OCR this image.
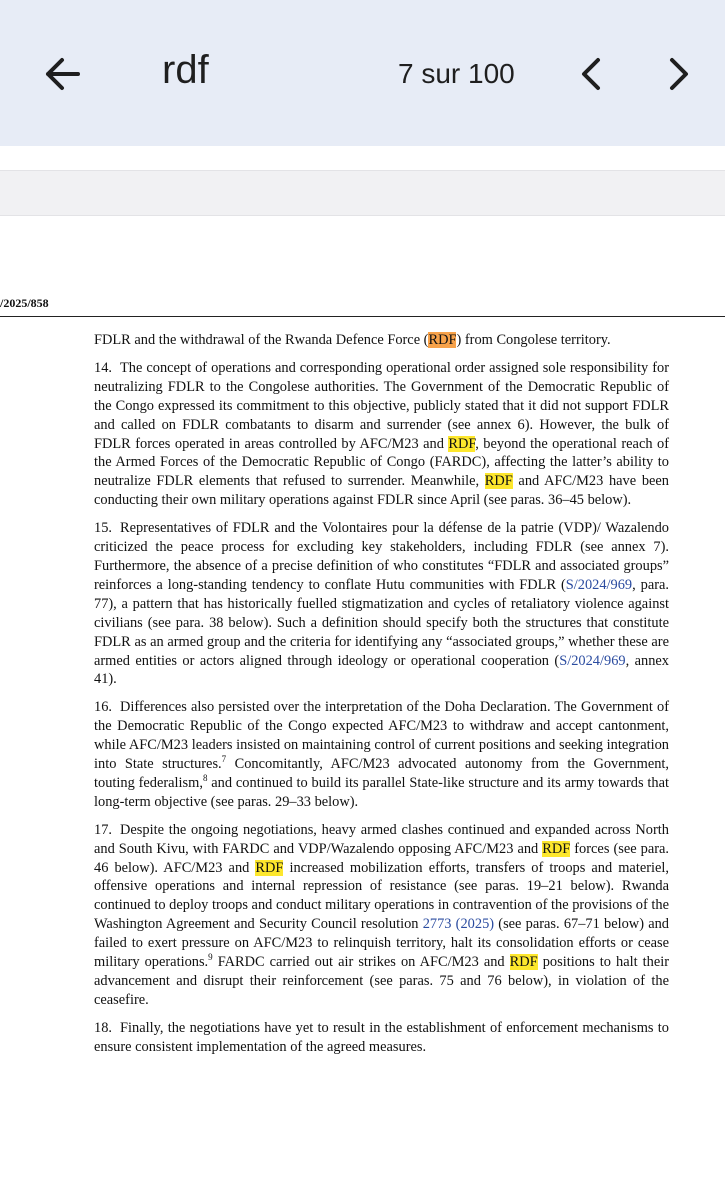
rdf	7 sur 100
/2025/858

FDLR and the withdrawal of the Rwanda Defence Force (RDF) from Congolese territory.

14. The concept of operations and corresponding operational order assigned sole responsibility for neutralizing FDLR to the Congolese authorities. The Government of the Democratic Republic of the Congo expressed its commitment to this objective, publicly stated that it did not support FDLR and called on FDLR combatants to disarm and surrender (see annex 6). However, the bulk of FDLR forces operated in areas controlled by AFC/M23 and RDF, beyond the operational reach of the Armed Forces of the Democratic Republic of Congo (FARDC), affecting the latter’s ability to neutralize FDLR elements that refused to surrender. Meanwhile, RDF and AFC/M23 have been conducting their own military operations against FDLR since April (see paras. 36–45 below).

15. Representatives of FDLR and the Volontaires pour la défense de la patrie (VDP)/ Wazalendo criticized the peace process for excluding key stakeholders, including FDLR (see annex 7). Furthermore, the absence of a precise definition of who constitutes “FDLR and associated groups” reinforces a long-standing tendency to conflate Hutu communities with FDLR (S/2024/969, para. 77), a pattern that has historically fuelled stigmatization and cycles of retaliatory violence against civilians (see para. 38 below). Such a definition should specify both the structures that constitute FDLR as an armed group and the criteria for identifying any “associated groups,” whether these are armed entities or actors aligned through ideology or operational cooperation (S/2024/969, annex 41).

16. Differences also persisted over the interpretation of the Doha Declaration. The Government of the Democratic Republic of the Congo expected AFC/M23 to withdraw and accept cantonment, while AFC/M23 leaders insisted on maintaining control of current positions and seeking integration into State structures.$^7$ Concomitantly, AFC/M23 advocated autonomy from the Government, touting federalism,$^8$ and continued to build its parallel State-like structure and its army towards that long-term objective (see paras. 29–33 below).

17. Despite the ongoing negotiations, heavy armed clashes continued and expanded across North and South Kivu, with FARDC and VDP/Wazalendo opposing AFC/M23 and RDF forces (see para. 46 below). AFC/M23 and RDF increased mobilization efforts, transfers of troops and materiel, offensive operations and internal repression of resistance (see paras. 19–21 below). Rwanda continued to deploy troops and conduct military operations in contravention of the provisions of the Washington Agreement and Security Council resolution 2773 (2025) (see paras. 67–71 below) and failed to exert pressure on AFC/M23 to relinquish territory, halt its consolidation efforts or cease military operations.$^9$ FARDC carried out air strikes on AFC/M23 and RDF positions to halt their advancement and disrupt their reinforcement (see paras. 75 and 76 below), in violation of the ceasefire.

18. Finally, the negotiations have yet to result in the establishment of enforcement mechanisms to ensure consistent implementation of the agreed measures.
